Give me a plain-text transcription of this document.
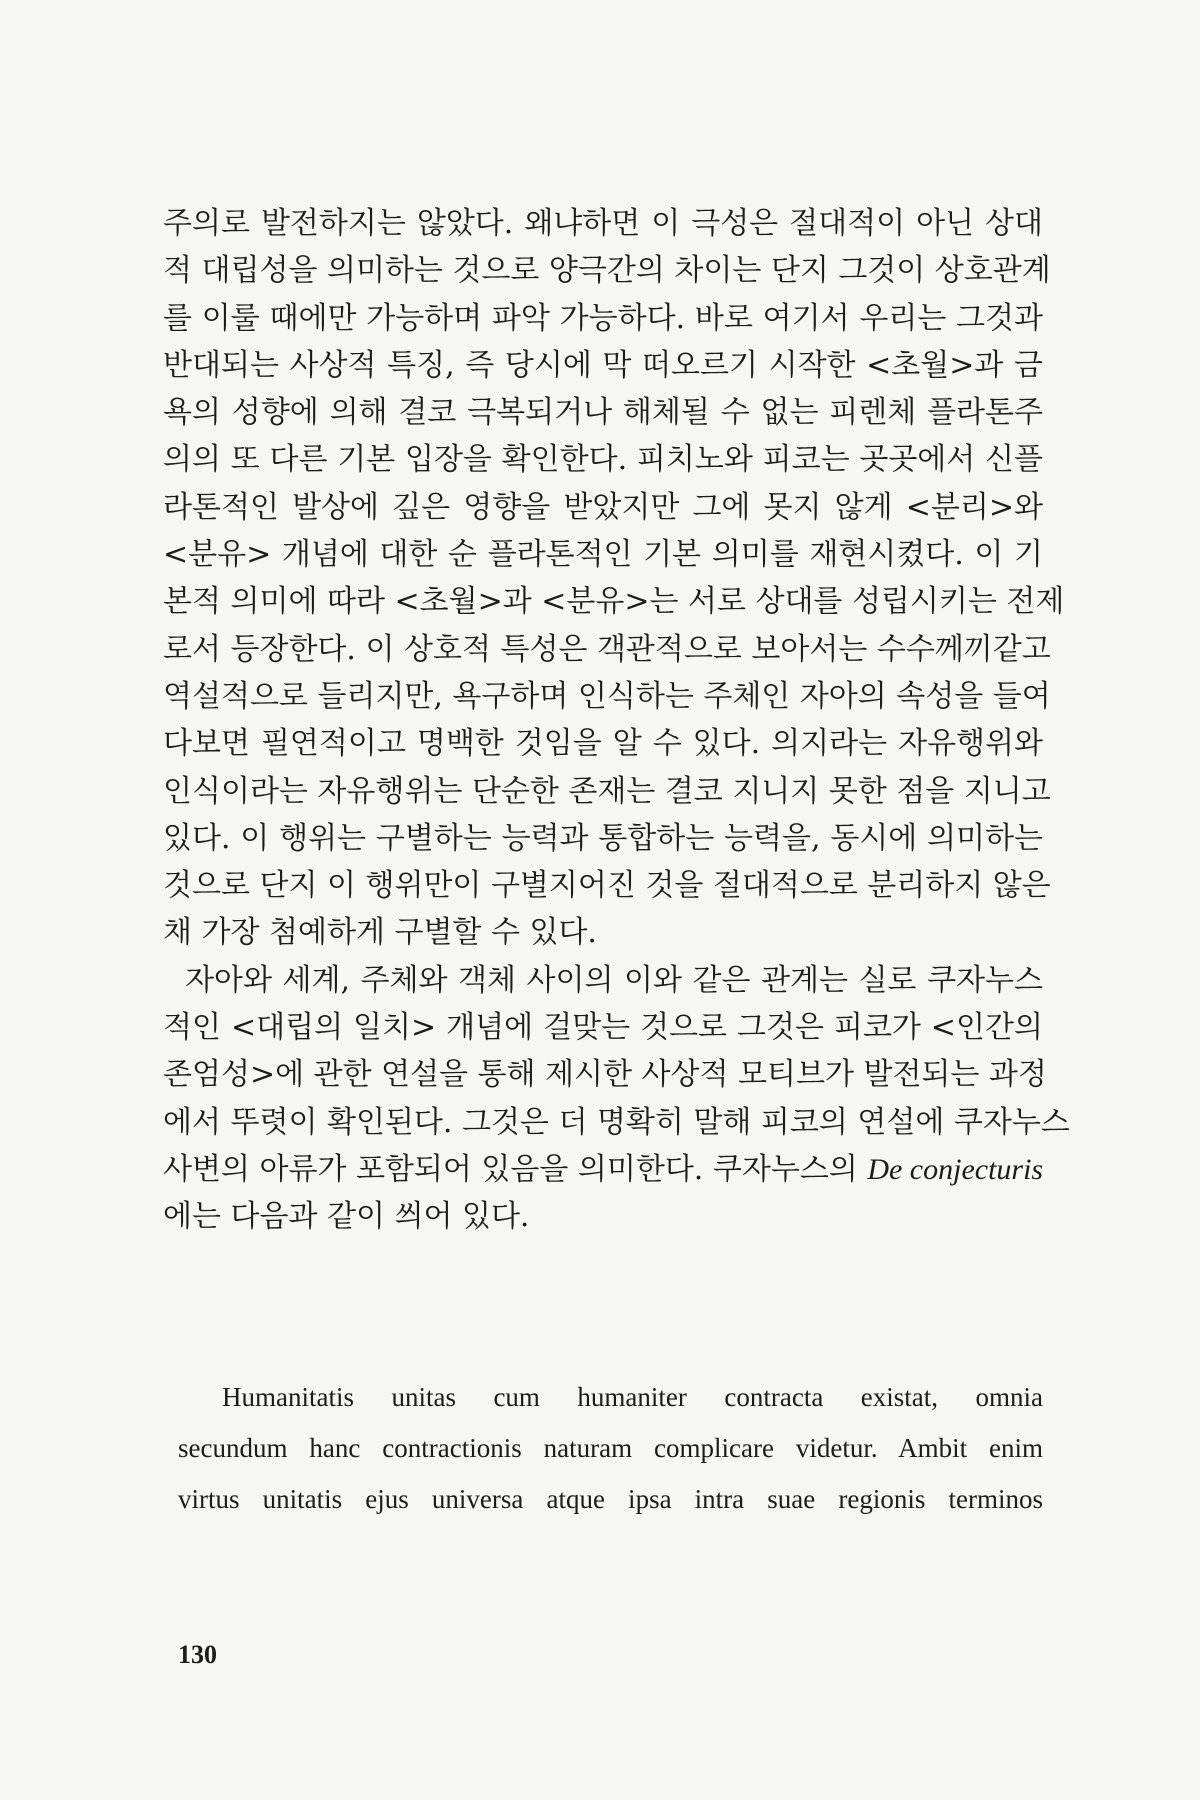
주의로 발전하지는 않았다. 왜냐하면 이 극성은 절대적이 아닌 상대
적 대립성을 의미하는 것으로 양극간의 차이는 단지 그것이 상호관계
를 이룰 때에만 가능하며 파악 가능하다. 바로 여기서 우리는 그것과
반대되는 사상적 특징, 즉 당시에 막 떠오르기 시작한 <초월>과 금
욕의 성향에 의해 결코 극복되거나 해체될 수 없는 피렌체 플라톤주
의의 또 다른 기본 입장을 확인한다. 피치노와 피코는 곳곳에서 신플
라톤적인 발상에 깊은 영향을 받았지만 그에 못지 않게 <분리>와
<분유> 개념에 대한 순 플라톤적인 기본 의미를 재현시켰다. 이 기
본적 의미에 따라 <초월>과 <분유>는 서로 상대를 성립시키는 전제
로서 등장한다. 이 상호적 특성은 객관적으로 보아서는 수수께끼같고
역설적으로 들리지만, 욕구하며 인식하는 주체인 자아의 속성을 들여
다보면 필연적이고 명백한 것임을 알 수 있다. 의지라는 자유행위와
인식이라는 자유행위는 단순한 존재는 결코 지니지 못한 점을 지니고
있다. 이 행위는 구별하는 능력과 통합하는 능력을, 동시에 의미하는
것으로 단지 이 행위만이 구별지어진 것을 절대적으로 분리하지 않은
채 가장 첨예하게 구별할 수 있다.
자아와 세계, 주체와 객체 사이의 이와 같은 관계는 실로 쿠자누스
적인 <대립의 일치> 개념에 걸맞는 것으로 그것은 피코가 <인간의
존엄성>에 관한 연설을 통해 제시한 사상적 모티브가 발전되는 과정
에서 뚜렷이 확인된다. 그것은 더 명확히 말해 피코의 연설에 쿠자누스
사변의 아류가 포함되어 있음을 의미한다. 쿠자누스의 De conjecturis
에는 다음과 같이 씌어 있다.
Humanitatis unitas cum humaniter contracta existat, omnia
secundum hanc contractionis naturam complicare videtur. Ambit enim
virtus unitatis ejus universa atque ipsa intra suae regionis terminos
130
